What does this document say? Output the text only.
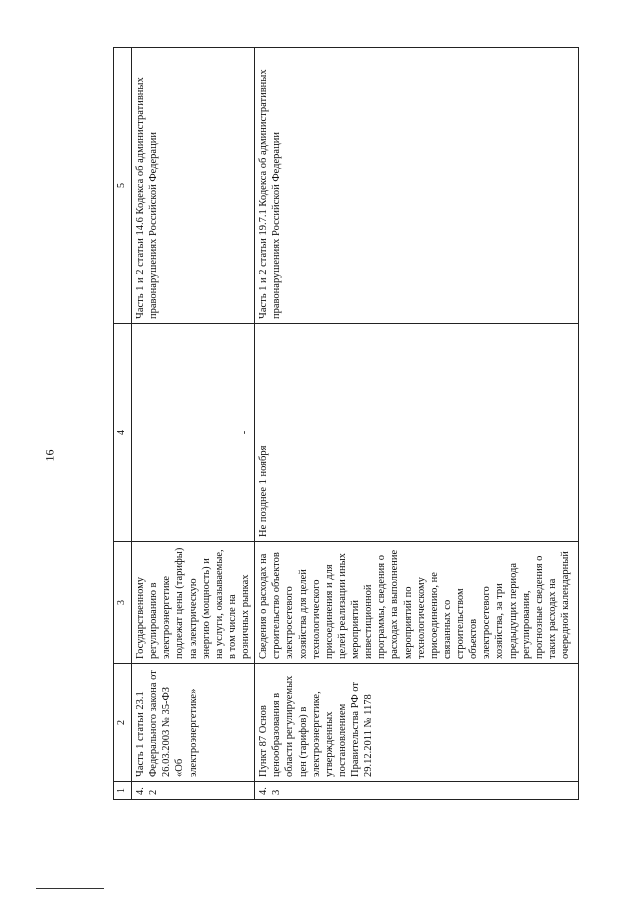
16
1	2	3	4	5
4.2	Часть 1 статьи 23.1 Федерального закона от 26.03.2003 № 35-ФЗ «Об электроэнергетике»	Государственному регулированию в электроэнергетике подлежат цены (тарифы) на электрическую энергию (мощность) и на услуги, оказываемые, в том числе на розничных рынках	-	Часть 1 и 2 статьи 14.6 Кодекса об административных правонарушениях Российской Федерации
4.3	Пункт 87 Основ ценообразования в области регулируемых цен (тарифов) в электроэнергетике, утвержденных постановлением Правительства РФ от 29.12.2011 № 1178	Сведения о расходах на строительство объектов электросетевого хозяйства для целей технологического присоединения и для целей реализации иных мероприятий инвестиционной программы, сведения о расходах на выполнение мероприятий по технологическому присоединению, не связанных со строительством объектов электросетевого хозяйства, за три предыдущих периода регулирования, прогнозные сведения о таких расходах на очередной календарный	Не позднее 1 ноября	Часть 1 и 2 статьи 19.7.1 Кодекса об административных правонарушениях Российской Федерации
